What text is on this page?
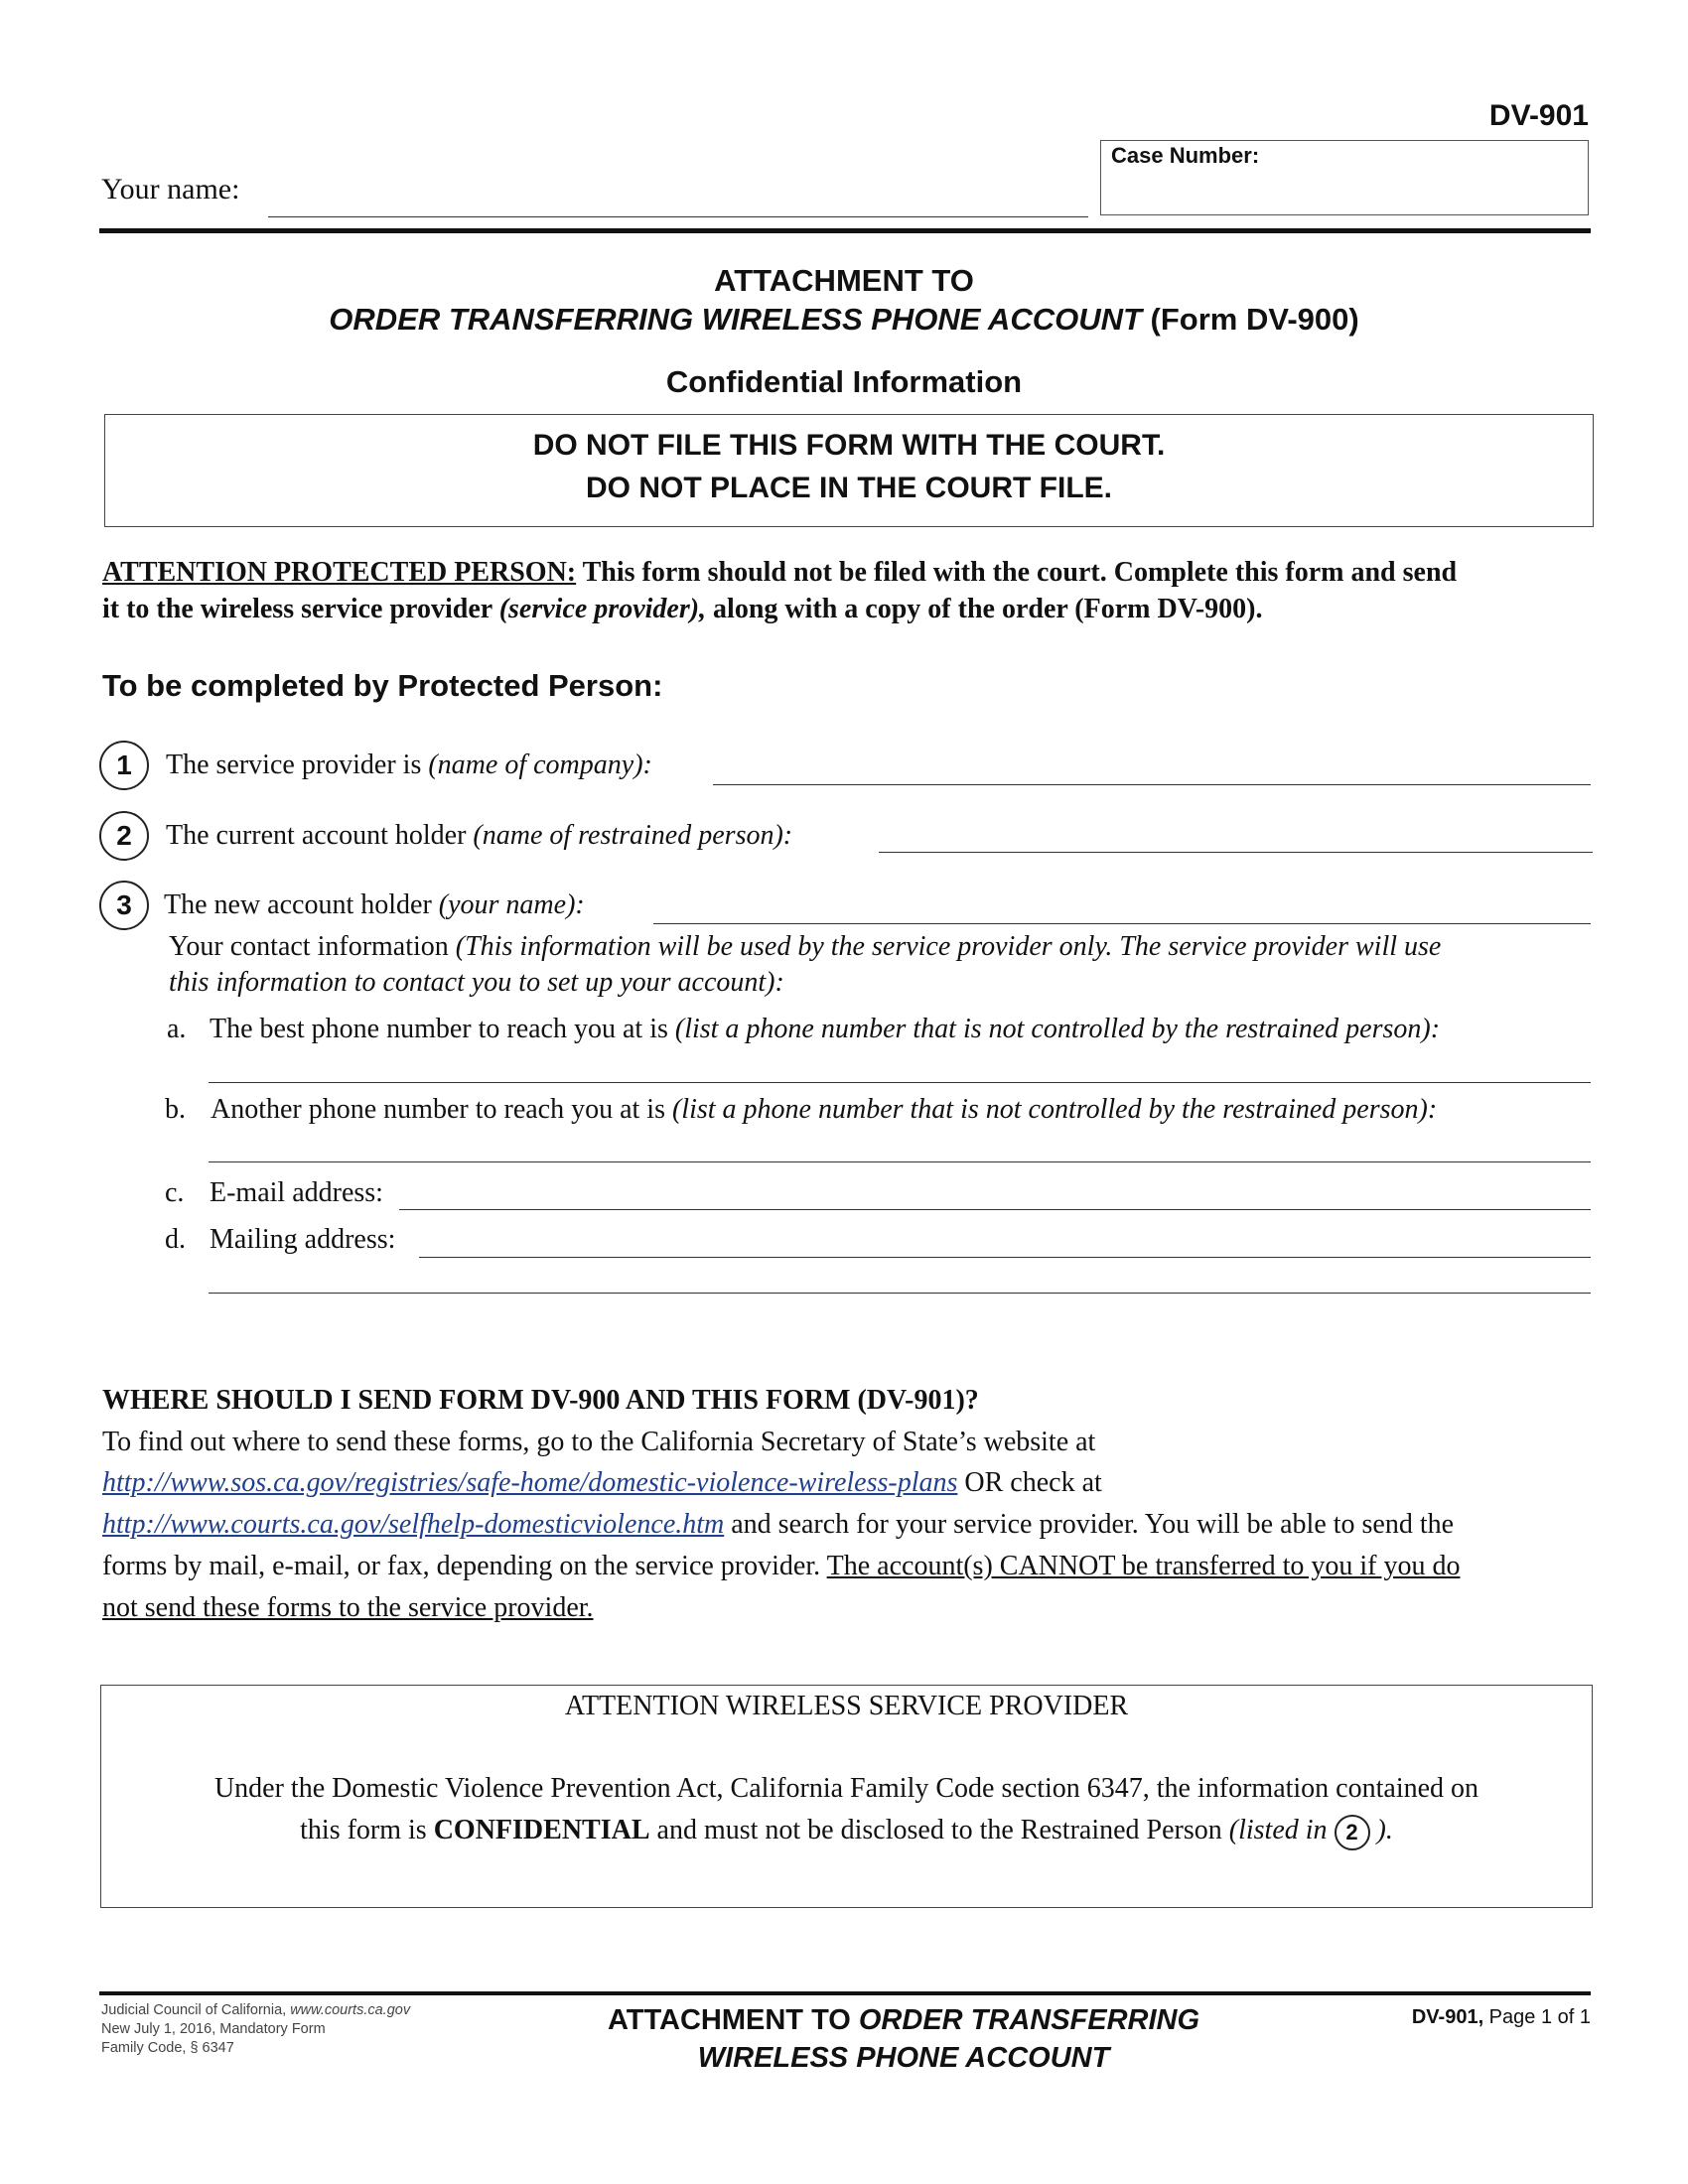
DV-901
Your name:
Case Number:
ATTACHMENT TO
ORDER TRANSFERRING WIRELESS PHONE ACCOUNT (Form DV-900)
Confidential Information
DO NOT FILE THIS FORM WITH THE COURT.
DO NOT PLACE IN THE COURT FILE.
ATTENTION PROTECTED PERSON: This form should not be filed with the court. Complete this form and send
it to the wireless service provider (service provider), along with a copy of the order (Form DV-900).
To be completed by Protected Person:
1	The service provider is (name of company):
2	The current account holder (name of restrained person):
3	The new account holder (your name):
Your contact information (This information will be used by the service provider only. The service provider will use
this information to contact you to set up your account):
a. The best phone number to reach you at is (list a phone number that is not controlled by the restrained person):
b. Another phone number to reach you at is (list a phone number that is not controlled by the restrained person):
c. E-mail address:
d. Mailing address:
WHERE SHOULD I SEND FORM DV-900 AND THIS FORM (DV-901)?
To find out where to send these forms, go to the California Secretary of State’s website at
http://www.sos.ca.gov/registries/safe-home/domestic-violence-wireless-plans OR check at
http://www.courts.ca.gov/selfhelp-domesticviolence.htm and search for your service provider. You will be able to send the
forms by mail, e-mail, or fax, depending on the service provider. The account(s) CANNOT be transferred to you if you do
not send these forms to the service provider.
ATTENTION WIRELESS SERVICE PROVIDER
Under the Domestic Violence Prevention Act, California Family Code section 6347, the information contained on
this form is CONFIDENTIAL and must not be disclosed to the Restrained Person (listed in 2 ).
Judicial Council of California, www.courts.ca.gov
New July 1, 2016, Mandatory Form
Family Code, § 6347
ATTACHMENT TO ORDER TRANSFERRING
WIRELESS PHONE ACCOUNT
DV-901, Page 1 of 1
